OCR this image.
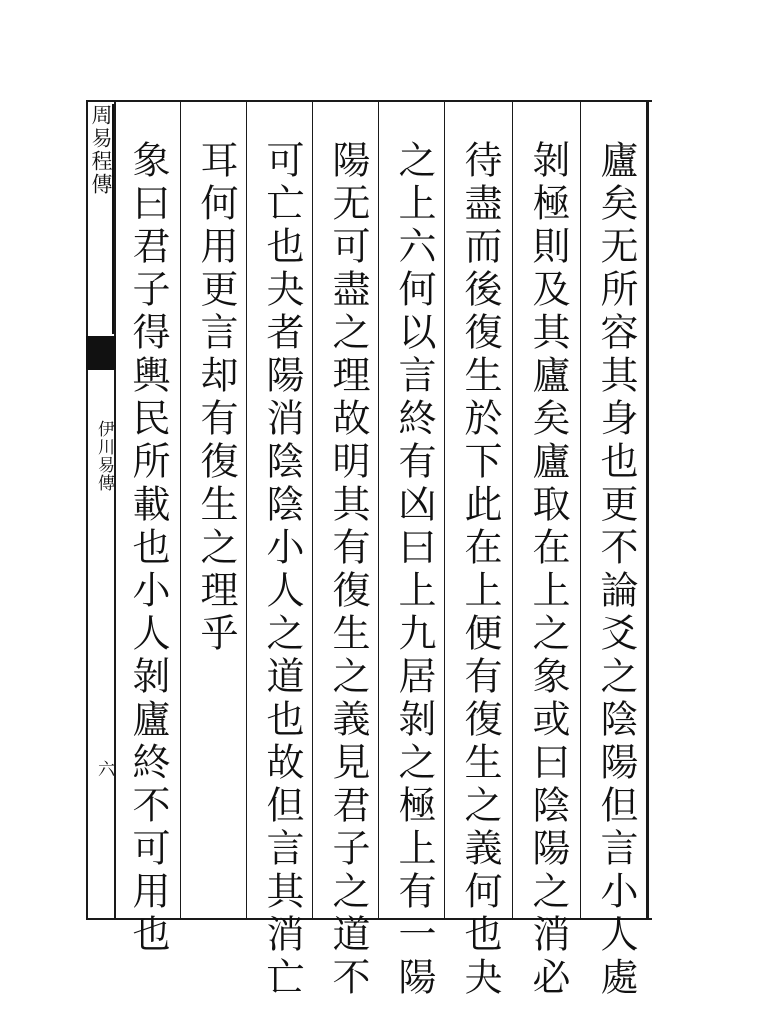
周易程傳
伊川易傳
六	廬矣无所容其身也更不論爻之陰陽但言小人處
剝極則及其廬矣廬取在上之象或曰陰陽之消必
待盡而後復生於下此在上便有復生之義何也夬
之上六何以言終有凶曰上九居剝之極上有一陽
陽无可盡之理故明其有復生之義見君子之道不
可亡也夬者陽消陰陰小人之道也故但言其消亡
耳何用更言却有復生之理乎
象曰君子得輿民所載也小人剝廬終不可用也
